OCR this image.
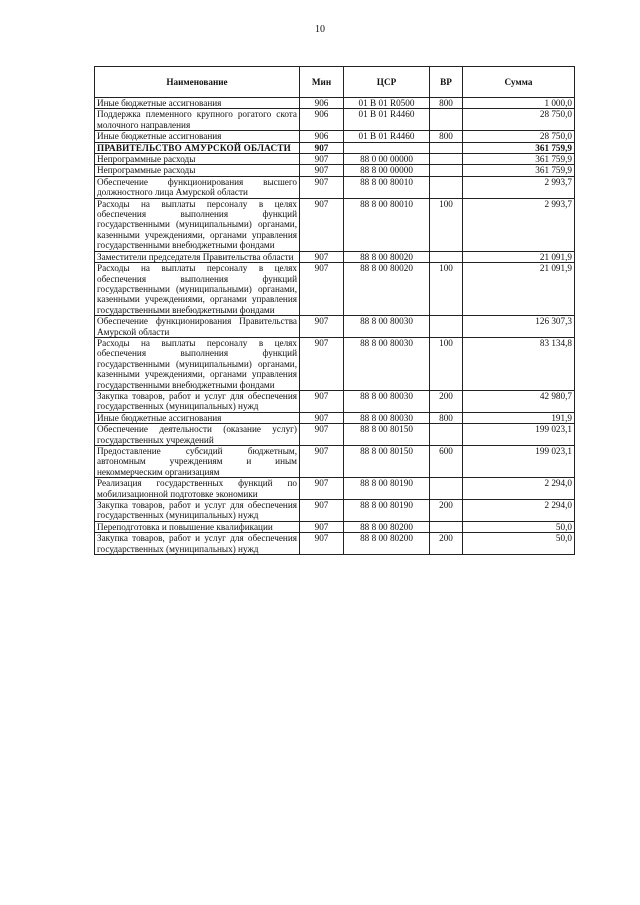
10
Наименование	Мин	ЦСР	ВР	Сумма
Иные бюджетные ассигнования	906	01 В 01 R0500	800	1 000,0
Поддержка племенного крупного рогатого скота молочного направления	906	01 В 01 R4460		28 750,0
Иные бюджетные ассигнования	906	01 В 01 R4460	800	28 750,0
ПРАВИТЕЛЬСТВО АМУРСКОЙ ОБЛАСТИ	907			361 759,9
Непрограммные расходы	907	88 0 00 00000		361 759,9
Непрограммные расходы	907	88 8 00 00000		361 759,9
Обеспечение функционирования высшего должностного лица Амурской области	907	88 8 00 80010		2 993,7
Расходы на выплаты персоналу в целях обеспечения выполнения функций государственными (муниципальными) органами, казенными учреждениями, органами управления государственными внебюджетными фондами	907	88 8 00 80010	100	2 993,7
Заместители председателя Правительства области	907	88 8 00 80020		21 091,9
Расходы на выплаты персоналу в целях обеспечения выполнения функций государственными (муниципальными) органами, казенными учреждениями, органами управления государственными внебюджетными фондами	907	88 8 00 80020	100	21 091,9
Обеспечение функционирования Правительства Амурской области	907	88 8 00 80030		126 307,3
Расходы на выплаты персоналу в целях обеспечения выполнения функций государственными (муниципальными) органами, казенными учреждениями, органами управления государственными внебюджетными фондами	907	88 8 00 80030	100	83 134,8
Закупка товаров, работ и услуг для обеспечения государственных (муниципальных) нужд	907	88 8 00 80030	200	42 980,7
Иные бюджетные ассигнования	907	88 8 00 80030	800	191,9
Обеспечение деятельности (оказание услуг) государственных учреждений	907	88 8 00 80150		199 023,1
Предоставление субсидий бюджетным, автономным учреждениям и иным некоммерческим организациям	907	88 8 00 80150	600	199 023,1
Реализация государственных функций по мобилизационной подготовке экономики	907	88 8 00 80190		2 294,0
Закупка товаров, работ и услуг для обеспечения государственных (муниципальных) нужд	907	88 8 00 80190	200	2 294,0
Переподготовка и повышение квалификации	907	88 8 00 80200		50,0
Закупка товаров, работ и услуг для обеспечения государственных (муниципальных) нужд	907	88 8 00 80200	200	50,0
